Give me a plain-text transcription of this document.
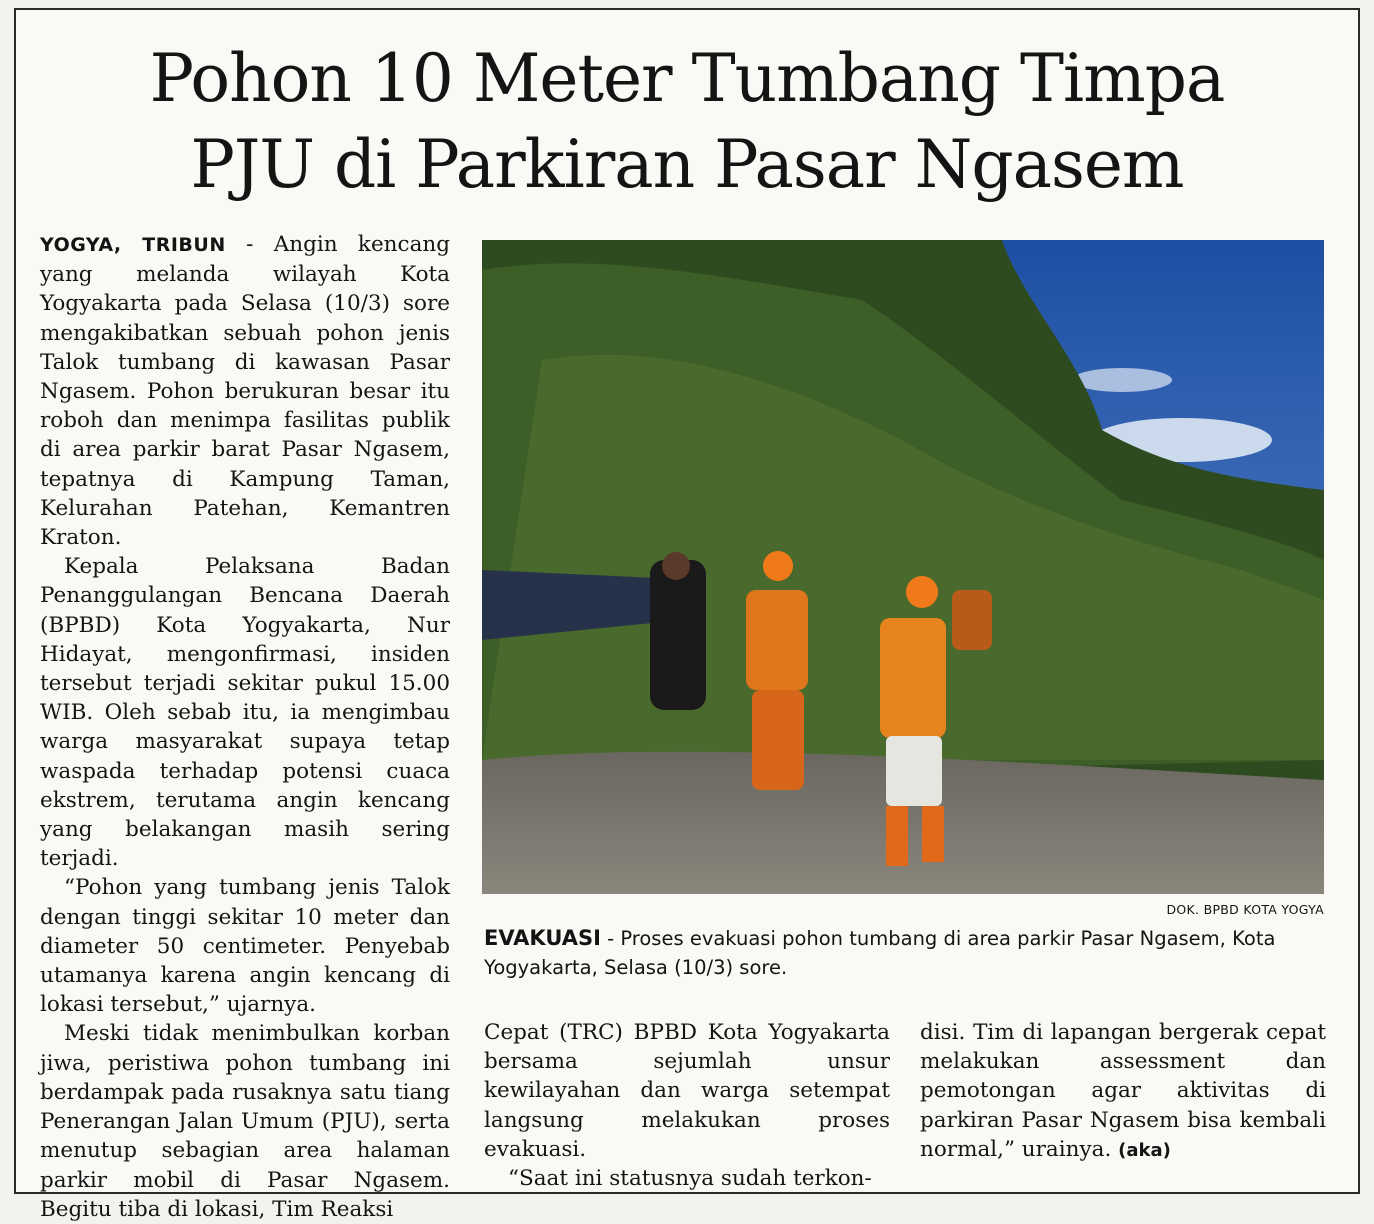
Pohon 10 Meter Tumbang Timpa
PJU di Parkiran Pasar Ngasem

YOGYA, TRIBUN - Angin kencang yang melanda wilayah Kota Yogyakarta pada Selasa (10/3) sore mengakibatkan sebuah pohon jenis Talok tumbang di kawasan Pasar Ngasem. Pohon berukuran besar itu roboh dan menimpa fasilitas publik di area parkir barat Pasar Ngasem, tepatnya di Kampung Taman, Kelurahan Patehan, Kemantren Kraton.

Kepala Pelaksana Badan Penanggulangan Bencana Daerah (BPBD) Kota Yogyakarta, Nur Hidayat, mengonfirmasi, insiden tersebut terjadi sekitar pukul 15.00 WIB. Oleh sebab itu, ia mengimbau warga masyarakat supaya tetap waspada terhadap potensi cuaca ekstrem, terutama angin kencang yang belakangan masih sering terjadi.

“Pohon yang tumbang jenis Talok dengan tinggi sekitar 10 meter dan diameter 50 centimeter. Penyebab utamanya karena angin kencang di lokasi tersebut,” ujarnya.

Meski tidak menimbulkan korban jiwa, peristiwa pohon tumbang ini berdampak pada rusaknya satu tiang Penerangan Jalan Umum (PJU), serta menutup sebagian area halaman parkir mobil di Pasar Ngasem. Begitu tiba di lokasi, Tim Reaksi

DOK. BPBD KOTA YOGYA

EVAKUASI - Proses evakuasi pohon tumbang di area parkir Pasar Ngasem, Kota Yogyakarta, Selasa (10/3) sore.

Cepat (TRC) BPBD Kota Yogyakarta bersama sejumlah unsur kewilayahan dan warga setempat langsung melakukan proses evakuasi.

“Saat ini statusnya sudah terkon-

disi. Tim di lapangan bergerak cepat melakukan assessment dan pemotongan agar aktivitas di parkiran Pasar Ngasem bisa kembali normal,” urainya. (aka)
